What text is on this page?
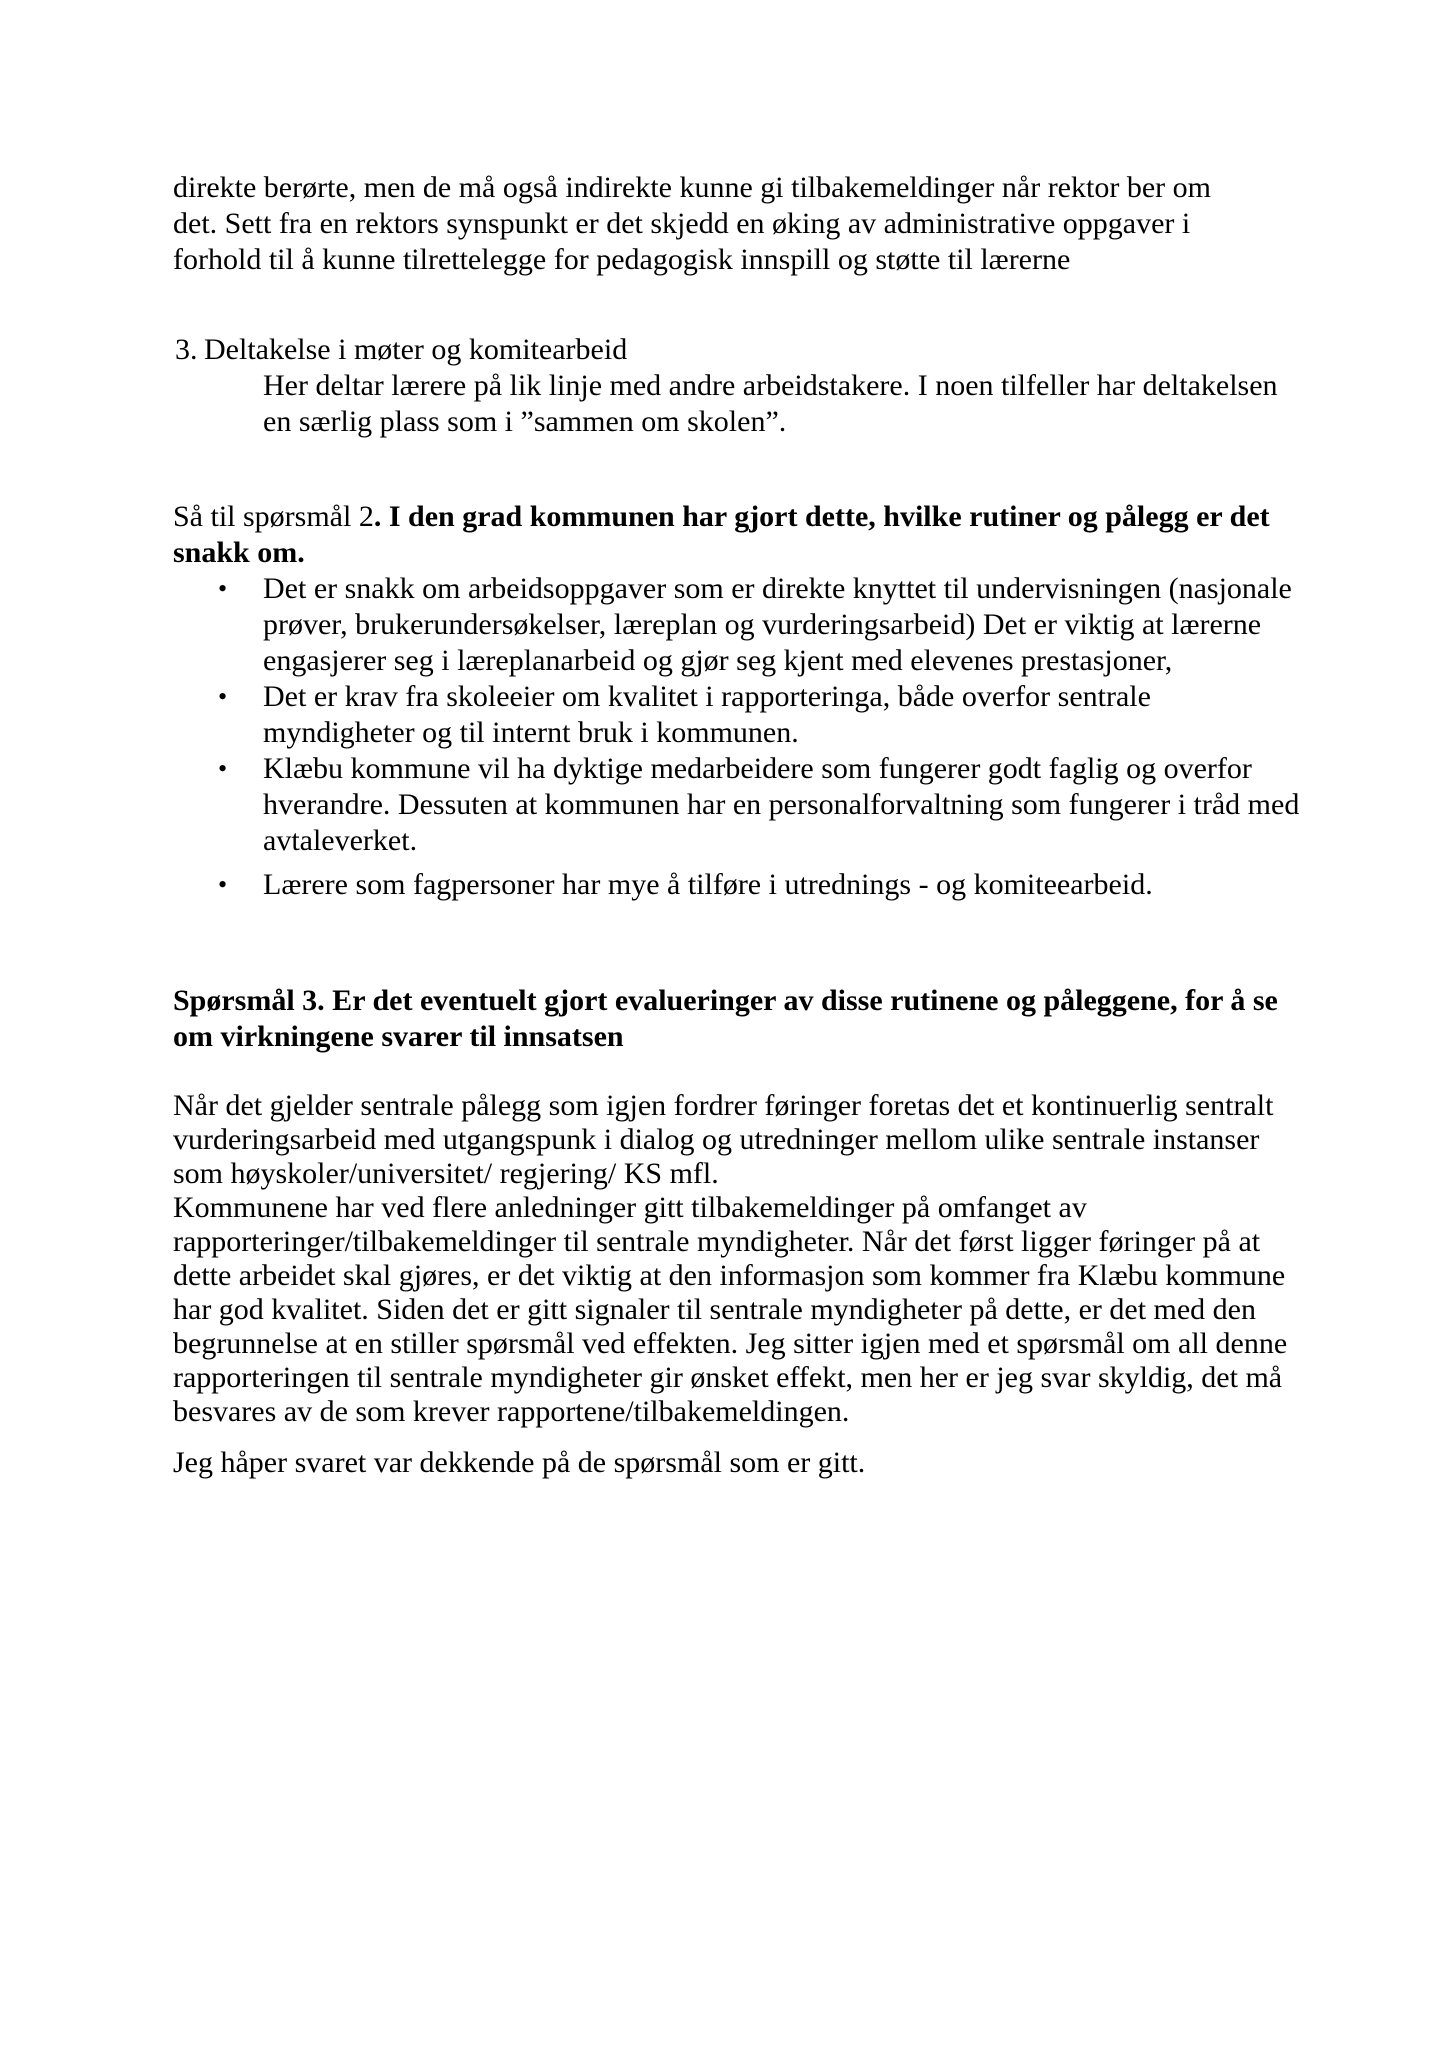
direkte berørte, men de må også indirekte kunne gi tilbakemeldinger når rektor ber om
det. Sett fra en rektors synspunkt er det skjedd en øking av administrative oppgaver i
forhold til å kunne tilrettelegge for pedagogisk innspill og støtte til lærerne
3. Deltakelse i møter og komitearbeid
Her deltar lærere på lik linje med andre arbeidstakere. I noen tilfeller har deltakelsen
en særlig plass som i ”sammen om skolen”.
Så til spørsmål 2. I den grad kommunen har gjort dette, hvilke rutiner og pålegg er det
snakk om.
• Det er snakk om arbeidsoppgaver som er direkte knyttet til undervisningen (nasjonale
prøver, brukerundersøkelser, læreplan og vurderingsarbeid) Det er viktig at lærerne
engasjerer seg i læreplanarbeid og gjør seg kjent med elevenes prestasjoner,
• Det er krav fra skoleeier om kvalitet i rapporteringa, både overfor sentrale
myndigheter og til internt bruk i kommunen.
• Klæbu kommune vil ha dyktige medarbeidere som fungerer godt faglig og overfor
hverandre. Dessuten at kommunen har en personalforvaltning som fungerer i tråd med
avtaleverket.
• Lærere som fagpersoner har mye å tilføre i utrednings - og komiteearbeid.
Spørsmål 3. Er det eventuelt gjort evalueringer av disse rutinene og påleggene, for å se
om virkningene svarer til innsatsen
Når det gjelder sentrale pålegg som igjen fordrer føringer foretas det et kontinuerlig sentralt
vurderingsarbeid med utgangspunk i dialog og utredninger mellom ulike sentrale instanser
som høyskoler/universitet/ regjering/ KS mfl.
Kommunene har ved flere anledninger gitt tilbakemeldinger på omfanget av
rapporteringer/tilbakemeldinger til sentrale myndigheter. Når det først ligger føringer på at
dette arbeidet skal gjøres, er det viktig at den informasjon som kommer fra Klæbu kommune
har god kvalitet. Siden det er gitt signaler til sentrale myndigheter på dette, er det med den
begrunnelse at en stiller spørsmål ved effekten. Jeg sitter igjen med et spørsmål om all denne
rapporteringen til sentrale myndigheter gir ønsket effekt, men her er jeg svar skyldig, det må
besvares av de som krever rapportene/tilbakemeldingen.
Jeg håper svaret var dekkende på de spørsmål som er gitt.
